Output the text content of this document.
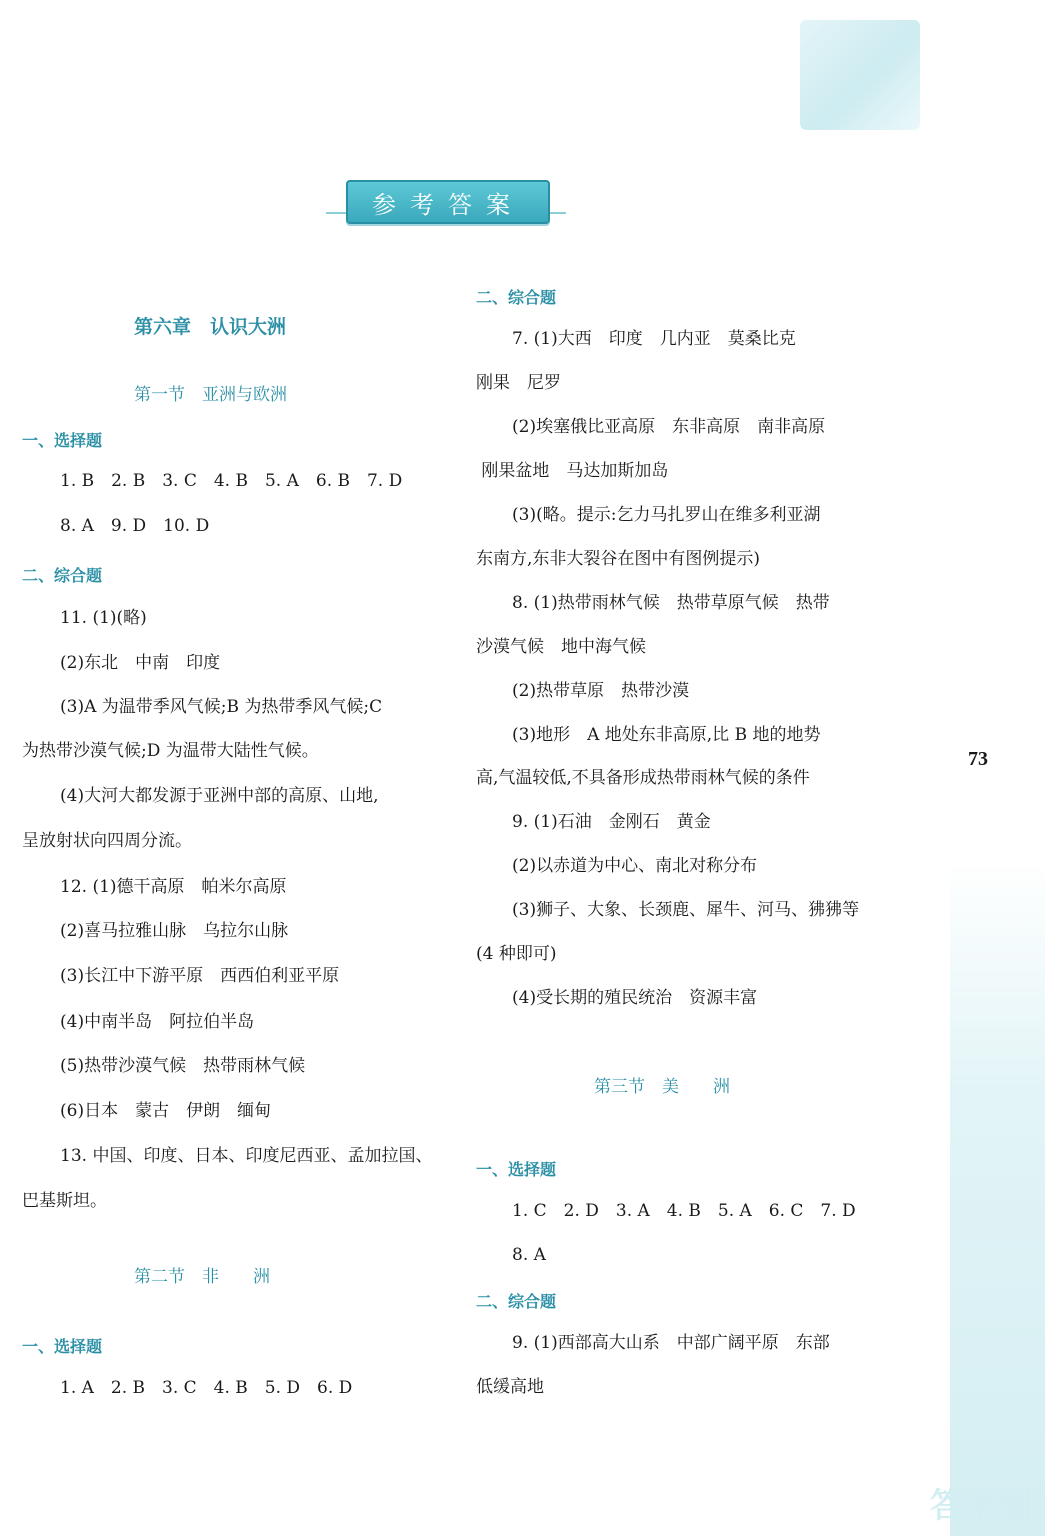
参考答案
第六章　认识大洲
第一节　亚洲与欧洲
一、选择题
1. B　2. B　3. C　4. B　5. A　6. B　7. D
8. A　9. D　10. D
二、综合题
11. (1)(略)
(2)东北　中南　印度
(3)A 为温带季风气候;B 为热带季风气候;C
为热带沙漠气候;D 为温带大陆性气候。
(4)大河大都发源于亚洲中部的高原、山地,
呈放射状向四周分流。
12. (1)德干高原　帕米尔高原
(2)喜马拉雅山脉　乌拉尔山脉
(3)长江中下游平原　西西伯利亚平原
(4)中南半岛　阿拉伯半岛
(5)热带沙漠气候　热带雨林气候
(6)日本　蒙古　伊朗　缅甸
13. 中国、印度、日本、印度尼西亚、孟加拉国、
巴基斯坦。
第二节　非　　洲
一、选择题
1. A　2. B　3. C　4. B　5. D　6. D
二、综合题
7. (1)大西　印度　几内亚　莫桑比克
刚果　尼罗
(2)埃塞俄比亚高原　东非高原　南非高原
刚果盆地　马达加斯加岛
(3)(略。提示:乞力马扎罗山在维多利亚湖
东南方,东非大裂谷在图中有图例提示)
8. (1)热带雨林气候　热带草原气候　热带
沙漠气候　地中海气候
(2)热带草原　热带沙漠
(3)地形　A 地处东非高原,比 B 地的地势
高,气温较低,不具备形成热带雨林气候的条件
9. (1)石油　金刚石　黄金
(2)以赤道为中心、南北对称分布
(3)狮子、大象、长颈鹿、犀牛、河马、狒狒等
(4 种即可)
(4)受长期的殖民统治　资源丰富
第三节　美　　洲
一、选择题
1. C　2. D　3. A　4. B　5. A　6. C　7. D
8. A
二、综合题
9. (1)西部高大山系　中部广阔平原　东部
低缓高地
73
答案圈
